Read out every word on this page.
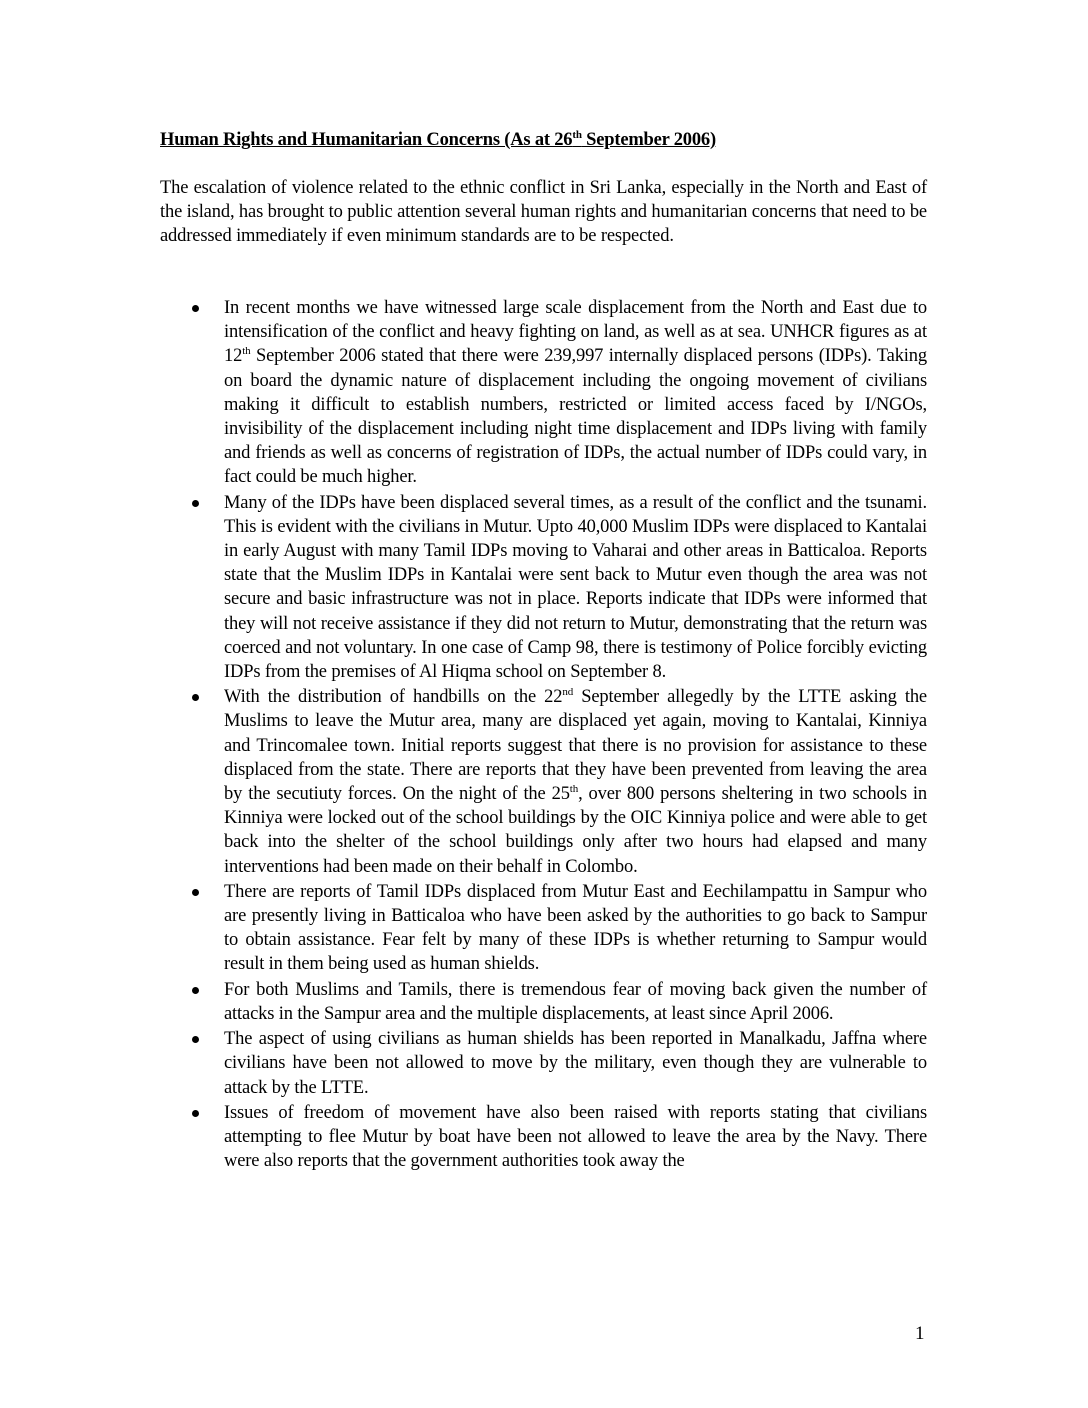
Human Rights and Humanitarian Concerns (As at 26th September 2006)

The escalation of violence related to the ethnic conflict in Sri Lanka, especially in the North and East of the island, has brought to public attention several human rights and humanitarian concerns that need to be addressed immediately if even minimum standards are to be respected.

In recent months we have witnessed large scale displacement from the North and East due to intensification of the conflict and heavy fighting on land, as well as at sea. UNHCR figures as at 12th September 2006 stated that there were 239,997 internally displaced persons (IDPs). Taking on board the dynamic nature of displacement including the ongoing movement of civilians making it difficult to establish numbers, restricted or limited access faced by I/NGOs, invisibility of the displacement including night time displacement and IDPs living with family and friends as well as concerns of registration of IDPs, the actual number of IDPs could vary, in fact could be much higher.
Many of the IDPs have been displaced several times, as a result of the conflict and the tsunami. This is evident with the civilians in Mutur. Upto 40,000 Muslim IDPs were displaced to Kantalai in early August with many Tamil IDPs moving to Vaharai and other areas in Batticaloa. Reports state that the Muslim IDPs in Kantalai were sent back to Mutur even though the area was not secure and basic infrastructure was not in place. Reports indicate that IDPs were informed that they will not receive assistance if they did not return to Mutur, demonstrating that the return was coerced and not voluntary. In one case of Camp 98, there is testimony of Police forcibly evicting IDPs from the premises of Al Hiqma school on September 8.
With the distribution of handbills on the 22nd September allegedly by the LTTE asking the Muslims to leave the Mutur area, many are displaced yet again, moving to Kantalai, Kinniya and Trincomalee town. Initial reports suggest that there is no provision for assistance to these displaced from the state. There are reports that they have been prevented from leaving the area by the secutiuty forces. On the night of the 25th, over 800 persons sheltering in two schools in Kinniya were locked out of the school buildings by the OIC Kinniya police and were able to get back into the shelter of the school buildings only after two hours had elapsed and many interventions had been made on their behalf in Colombo.
There are reports of Tamil IDPs displaced from Mutur East and Eechilampattu in Sampur who are presently living in Batticaloa who have been asked by the authorities to go back to Sampur to obtain assistance. Fear felt by many of these IDPs is whether returning to Sampur would result in them being used as human shields.
For both Muslims and Tamils, there is tremendous fear of moving back given the number of attacks in the Sampur area and the multiple displacements, at least since April 2006.
The aspect of using civilians as human shields has been reported in Manalkadu, Jaffna where civilians have been not allowed to move by the military, even though they are vulnerable to attack by the LTTE.
Issues of freedom of movement have also been raised with reports stating that civilians attempting to flee Mutur by boat have been not allowed to leave the area by the Navy. There were also reports that the government authorities took away the
1
